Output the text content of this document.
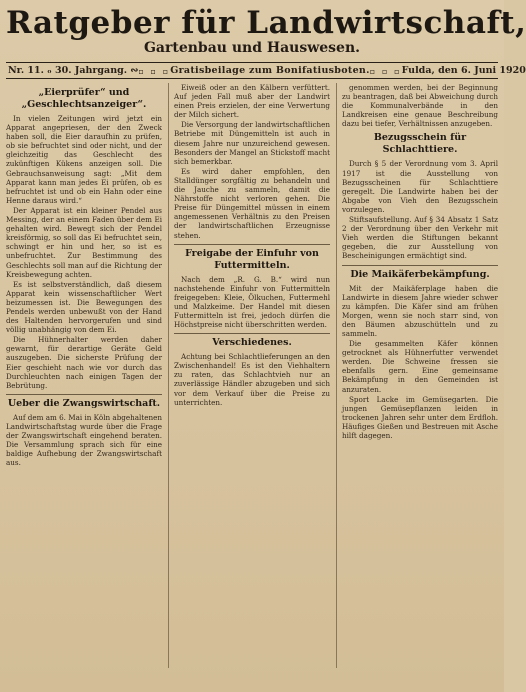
Ratgeber für Landwirtschaft,
Gartenbau und Hauswesen.
Nr. 11. ₒ 30. Jahrgang. ∾ ▫ ▫ ▫ Gratisbeilage zum Bonifatiusboten. ▫ ▫ ▫ Fulda, den 6. Juni 1920
„Eierprüfer“ und „Geschlechtsanzeiger“.

In vielen Zeitungen wird jetzt ein Apparat angepriesen, der den Zweck haben soll, die Eier daraufhin zu prüfen, ob sie befruchtet sind oder nicht, und der gleichzeitig das Geschlecht des zukünftigen Kükens anzeigen soll. Die Gebrauchsanweisung sagt: „Mit dem Apparat kann man jedes Ei prüfen, ob es befruchtet ist und ob ein Hahn oder eine Henne daraus wird.“

Der Apparat ist ein kleiner Pendel aus Messing, der an einem Faden über dem Ei gehalten wird. Bewegt sich der Pendel kreisförmig, so soll das Ei befruchtet sein, schwingt er hin und her, so ist es unbefruchtet. Zur Bestimmung des Geschlechts soll man auf die Richtung der Kreisbewegung achten.

Es ist selbstverständlich, daß diesem Apparat kein wissenschaftlicher Wert beizumessen ist. Die Bewegungen des Pendels werden unbewußt von der Hand des Haltenden hervorgerufen und sind völlig unabhängig von dem Ei.

Die Hühnerhalter werden daher gewarnt, für derartige Geräte Geld auszugeben. Die sicherste Prüfung der Eier geschieht nach wie vor durch das Durchleuchten nach einigen Tagen der Bebrütung.

Ueber die Zwangswirtschaft.

Auf dem am 6. Mai in Köln abgehaltenen Landwirtschaftstag wurde über die Frage der Zwangswirtschaft eingehend beraten. Die Versammlung sprach sich für eine baldige Aufhebung der Zwangswirtschaft aus.

Eiweiß oder an den Kälbern verfüttert. Auf jeden Fall muß aber der Landwirt einen Preis erzielen, der eine Verwertung der Milch sichert.

Die Versorgung der landwirtschaftlichen Betriebe mit Düngemitteln ist auch in diesem Jahre nur unzureichend gewesen. Besonders der Mangel an Stickstoff macht sich bemerkbar.

Es wird daher empfohlen, den Stalldünger sorgfältig zu behandeln und die Jauche zu sammeln, damit die Nährstoffe nicht verloren gehen. Die Preise für Düngemittel müssen in einem angemessenen Verhältnis zu den Preisen der landwirtschaftlichen Erzeugnisse stehen.

Freigabe der Einfuhr von Futtermitteln.

Nach dem „R. G. B.“ wird nun nachstehende Einfuhr von Futtermitteln freigegeben: Kleie, Ölkuchen, Futtermehl und Malzkeime. Der Handel mit diesen Futtermitteln ist frei, jedoch dürfen die Höchstpreise nicht überschritten werden.

Verschiedenes.

Achtung bei Schlachtlieferungen an den Zwischenhandel! Es ist den Viehhaltern zu raten, das Schlachtvieh nur an zuverlässige Händler abzugeben und sich vor dem Verkauf über die Preise zu unterrichten.

genommen werden, bei der Beginnung zu beantragen, daß bei Abweichung durch die Kommunalverbände in den Landkreisen eine genaue Beschreibung dazu bei tiefer, Verhältnissen anzugeben.

Bezugsschein für Schlachttiere.

Durch § 5 der Verordnung vom 3. April 1917 ist die Ausstellung von Bezugsscheinen für Schlachttiere geregelt. Die Landwirte haben bei der Abgabe von Vieh den Bezugsschein vorzulegen.

Stiftsaufstellung. Auf § 34 Absatz 1 Satz 2 der Verordnung über den Verkehr mit Vieh werden die Stiftungen bekannt gegeben, die zur Ausstellung von Bescheinigungen ermächtigt sind.

Die Maikäferbekämpfung.

Mit der Maikäferplage haben die Landwirte in diesem Jahre wieder schwer zu kämpfen. Die Käfer sind am frühen Morgen, wenn sie noch starr sind, von den Bäumen abzuschütteln und zu sammeln.

Die gesammelten Käfer können getrocknet als Hühnerfutter verwendet werden. Die Schweine fressen sie ebenfalls gern. Eine gemeinsame Bekämpfung in den Gemeinden ist anzuraten.

Sport Lacke im Gemüsegarten. Die jungen Gemüsepflanzen leiden in trockenen Jahren sehr unter dem Erdfloh. Häufiges Gießen und Bestreuen mit Asche hilft dagegen.
